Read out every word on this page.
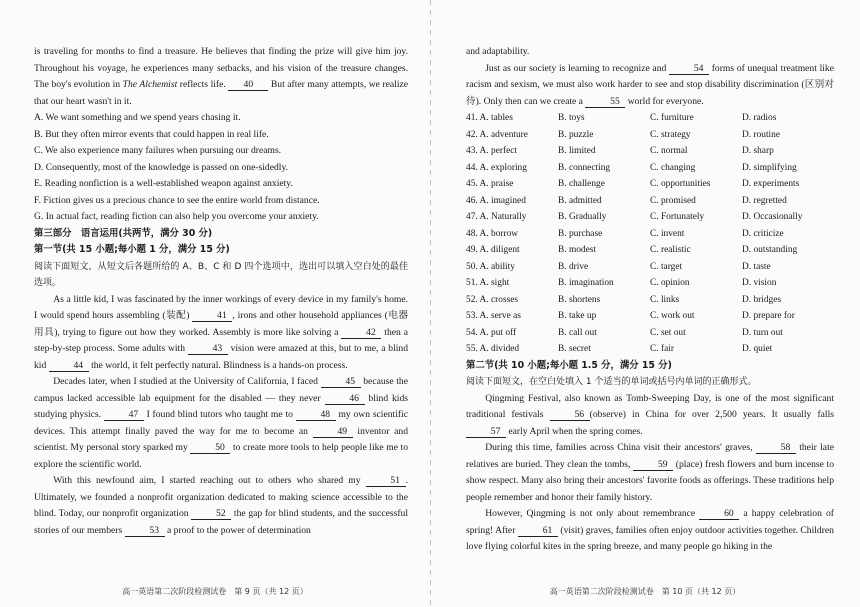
is traveling for months to find a treasure. He believes that finding the prize will give him joy. Throughout his voyage, he experiences many setbacks, and his vision of the treasure changes. The boy's evolution in The Alchemist reflects life. 40 But after many attempts, we realize that our heart wasn't in it.

A. We want something and we spend years chasing it.

B. But they often mirror events that could happen in real life.

C. We also experience many failures when pursuing our dreams.

D. Consequently, most of the knowledge is passed on one-sidedly.

E. Reading nonfiction is a well-established weapon against anxiety.

F. Fiction gives us a precious chance to see the entire world from distance.

G. In actual fact, reading fiction can also help you overcome your anxiety.

第三部分　语言运用(共两节，满分 30 分)

第一节(共 15 小题;每小题 1 分，满分 15 分)

阅读下面短文，从短文后各题所给的 A、B、C 和 D 四个选项中，选出可以填入空白处的最佳选项。

As a little kid, I was fascinated by the inner workings of every device in my family's home. I would spend hours assembling (装配)	41 , irons and other household appliances (电器用具), trying to figure out how they worked. Assembly is more like solving a	42 then a step-by-step process. Some adults with	43 vision were amazed at this, but to me, a blind kid	44 the world, it felt perfectly natural. Blindness is a hands-on process.

Decades later, when I studied at the University of California, I faced	45 because the campus lacked accessible lab equipment for the disabled — they never	46 blind kids studying physics.	47 I found blind tutors who taught me to	48 my own scientific devices. This attempt finally paved the way for me to become an	49 inventor and scientist. My personal story sparked my	50 to create more tools to help people like me to explore the scientific world.

With this newfound aim, I started reaching out to others who shared my	51 . Ultimately, we founded a nonprofit organization dedicated to making science accessible to the blind. Today, our nonprofit organization	52 the gap for blind students, and the successful stories of our members	53 a proof to the power of determination

高一英语第二次阶段检测试卷　第 9 页（共 12 页）

and adaptability.

Just as our society is learning to recognize and	54 forms of unequal treatment like racism and sexism, we must also work harder to see and stop disability discrimination (区别对待). Only then can we create a	55 world for everyone.

41. A. tables	B. toys	C. furniture	D. radios
42. A. adventure	B. puzzle	C. strategy	D. routine
43. A. perfect	B. limited	C. normal	D. sharp
44. A. exploring	B. connecting	C. changing	D. simplifying
45. A. praise	B. challenge	C. opportunities	D. experiments
46. A. imagined	B. admitted	C. promised	D. regretted
47. A. Naturally	B. Gradually	C. Fortunately	D. Occasionally
48. A. borrow	B. purchase	C. invent	D. criticize
49. A. diligent	B. modest	C. realistic	D. outstanding
50. A. ability	B. drive	C. target	D. taste
51. A. sight	B. imagination	C. opinion	D. vision
52. A. crosses	B. shortens	C. links	D. bridges
53. A. serve as	B. take up	C. work out	D. prepare for
54. A. put off	B. call out	C. set out	D. turn out
55. A. divided	B. secret	C. fair	D. quiet

第二节(共 10 小题;每小题 1.5 分，满分 15 分)

阅读下面短文，在空白处填入 1 个适当的单词或括号内单词的正确形式。

Qingming Festival, also known as Tomb-Sweeping Day, is one of the most significant traditional festivals	56 (observe) in China for over 2,500 years. It usually falls 57 early April when the spring comes.

During this time, families across China visit their ancestors' graves,	58 their late relatives are buried. They clean the tombs,	59 (place) fresh flowers and burn incense to show respect. Many also bring their ancestors' favorite foods as offerings. These traditions help people remember and honor their family history.

However, Qingming is not only about remembrance	60 a happy celebration of spring! After	61 (visit) graves, families often enjoy outdoor activities together. Children love flying colorful kites in the spring breeze, and many people go hiking in the

高一英语第二次阶段检测试卷　第 10 页（共 12 页）
